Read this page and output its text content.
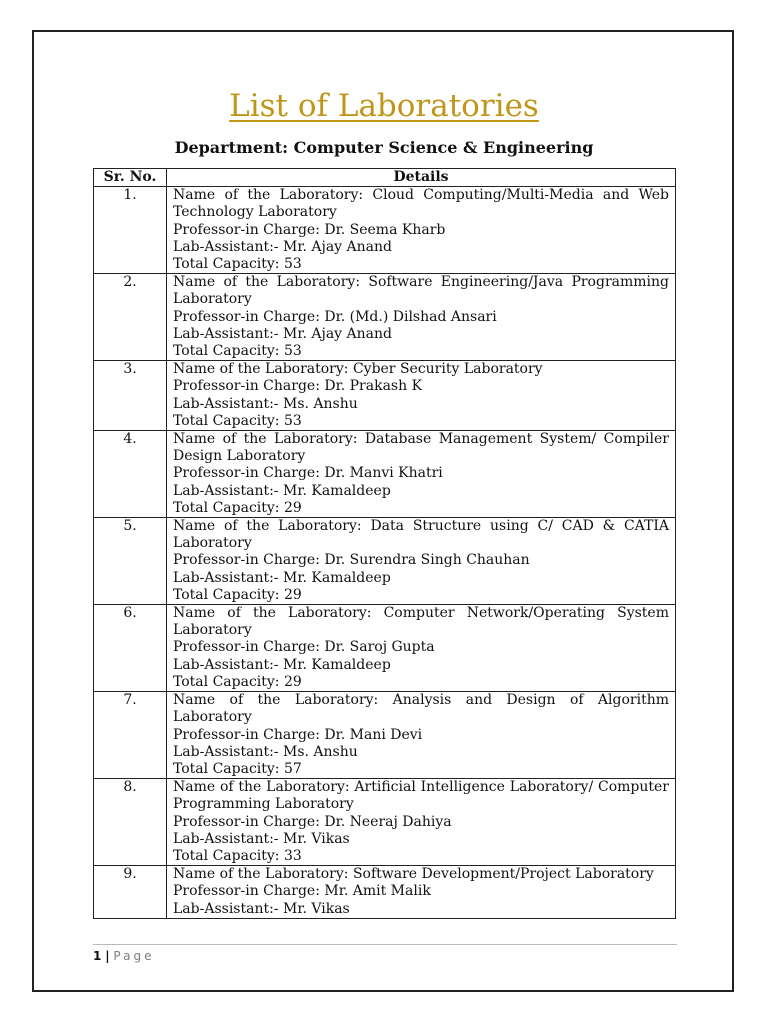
List of Laboratories
Department: Computer Science & Engineering
Sr. No.	Details
1.	Name of the Laboratory: Cloud Computing/Multi-Media and Web Technology Laboratory
Professor-in Charge: Dr. Seema Kharb
Lab-Assistant:- Mr. Ajay Anand
Total Capacity: 53

2.	Name of the Laboratory: Software Engineering/Java Programming Laboratory
Professor-in Charge: Dr. (Md.) Dilshad Ansari
Lab-Assistant:- Mr. Ajay Anand
Total Capacity: 53

3.	Name of the Laboratory: Cyber Security Laboratory
Professor-in Charge: Dr. Prakash K
Lab-Assistant:- Ms. Anshu
Total Capacity: 53

4.	Name of the Laboratory: Database Management System/ Compiler Design Laboratory
Professor-in Charge: Dr. Manvi Khatri
Lab-Assistant:- Mr. Kamaldeep
Total Capacity: 29

5.	Name of the Laboratory: Data Structure using C/ CAD & CATIA Laboratory
Professor-in Charge: Dr. Surendra Singh Chauhan
Lab-Assistant:- Mr. Kamaldeep
Total Capacity: 29

6.	Name of the Laboratory: Computer Network/Operating System Laboratory
Professor-in Charge: Dr. Saroj Gupta
Lab-Assistant:- Mr. Kamaldeep
Total Capacity: 29

7.	Name of the Laboratory: Analysis and Design of Algorithm Laboratory
Professor-in Charge: Dr. Mani Devi
Lab-Assistant:- Ms. Anshu
Total Capacity: 57

8.	Name of the Laboratory: Artificial Intelligence Laboratory/ Computer Programming Laboratory
Professor-in Charge: Dr. Neeraj Dahiya
Lab-Assistant:- Mr. Vikas
Total Capacity: 33

9.	Name of the Laboratory: Software Development/Project Laboratory
Professor-in Charge: Mr. Amit Malik
Lab-Assistant:- Mr. Vikas
1 | Page
